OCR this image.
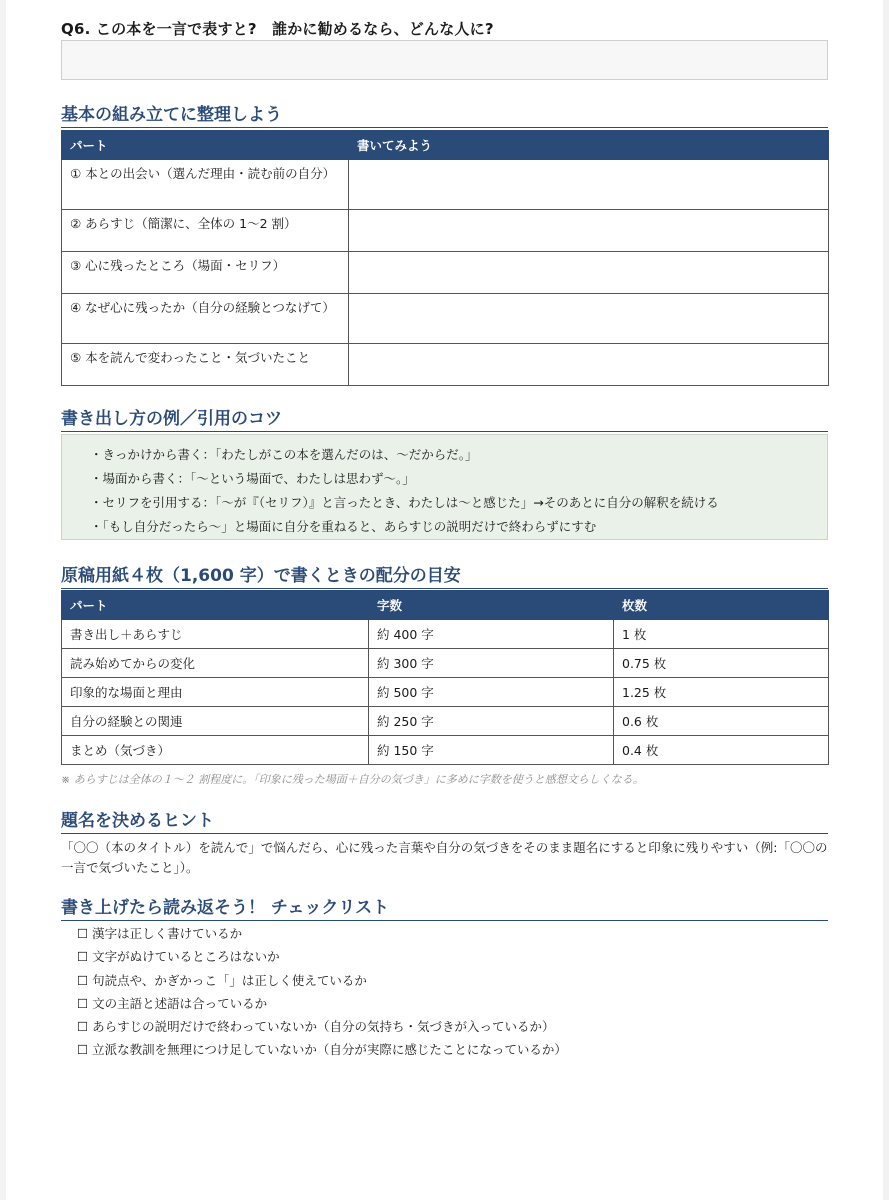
Q6. この本を一言で表すと?　誰かに勧めるなら、どんな人に?
基本の組み立てに整理しよう
パート	書いてみよう
① 本との出会い（選んだ理由・読む前の自分）	
② あらすじ（簡潔に、全体の 1〜2 割）	
③ 心に残ったところ（場面・セリフ）	
④ なぜ心に残ったか（自分の経験とつなげて）	
⑤ 本を読んで変わったこと・気づいたこと	
書き出し方の例／引用のコツ
・きっかけから書く：「わたしがこの本を選んだのは、〜だからだ。」
・場面から書く：「〜という場面で、わたしは思わず〜。」
・セリフを引用する：「〜が『（セリフ）』と言ったとき、わたしは〜と感じた」→そのあとに自分の解釈を続ける
・「もし自分だったら〜」と場面に自分を重ねると、あらすじの説明だけで終わらずにすむ
原稿用紙４枚（1,600 字）で書くときの配分の目安
パート	字数	枚数
書き出し＋あらすじ	約 400 字	1 枚
読み始めてからの変化	約 300 字	0.75 枚
印象的な場面と理由	約 500 字	1.25 枚
自分の経験との関連	約 250 字	0.6 枚
まとめ（気づき）	約 150 字	0.4 枚
※ あらすじは全体の１〜２ 割程度に。「印象に残った場面＋自分の気づき」に多めに字数を使うと感想文らしくなる。
題名を決めるヒント
「〇〇（本のタイトル）を読んで」で悩んだら、心に残った言葉や自分の気づきをそのまま題名にすると印象に残りやすい（例:「〇〇の一言で気づいたこと」）。
書き上げたら読み返そう！ チェックリスト
☐ 漢字は正しく書けているか
☐ 文字がぬけているところはないか
☐ 句読点や、かぎかっこ「」は正しく使えているか
☐ 文の主語と述語は合っているか
☐ あらすじの説明だけで終わっていないか（自分の気持ち・気づきが入っているか）
☐ 立派な教訓を無理につけ足していないか（自分が実際に感じたことになっているか）
